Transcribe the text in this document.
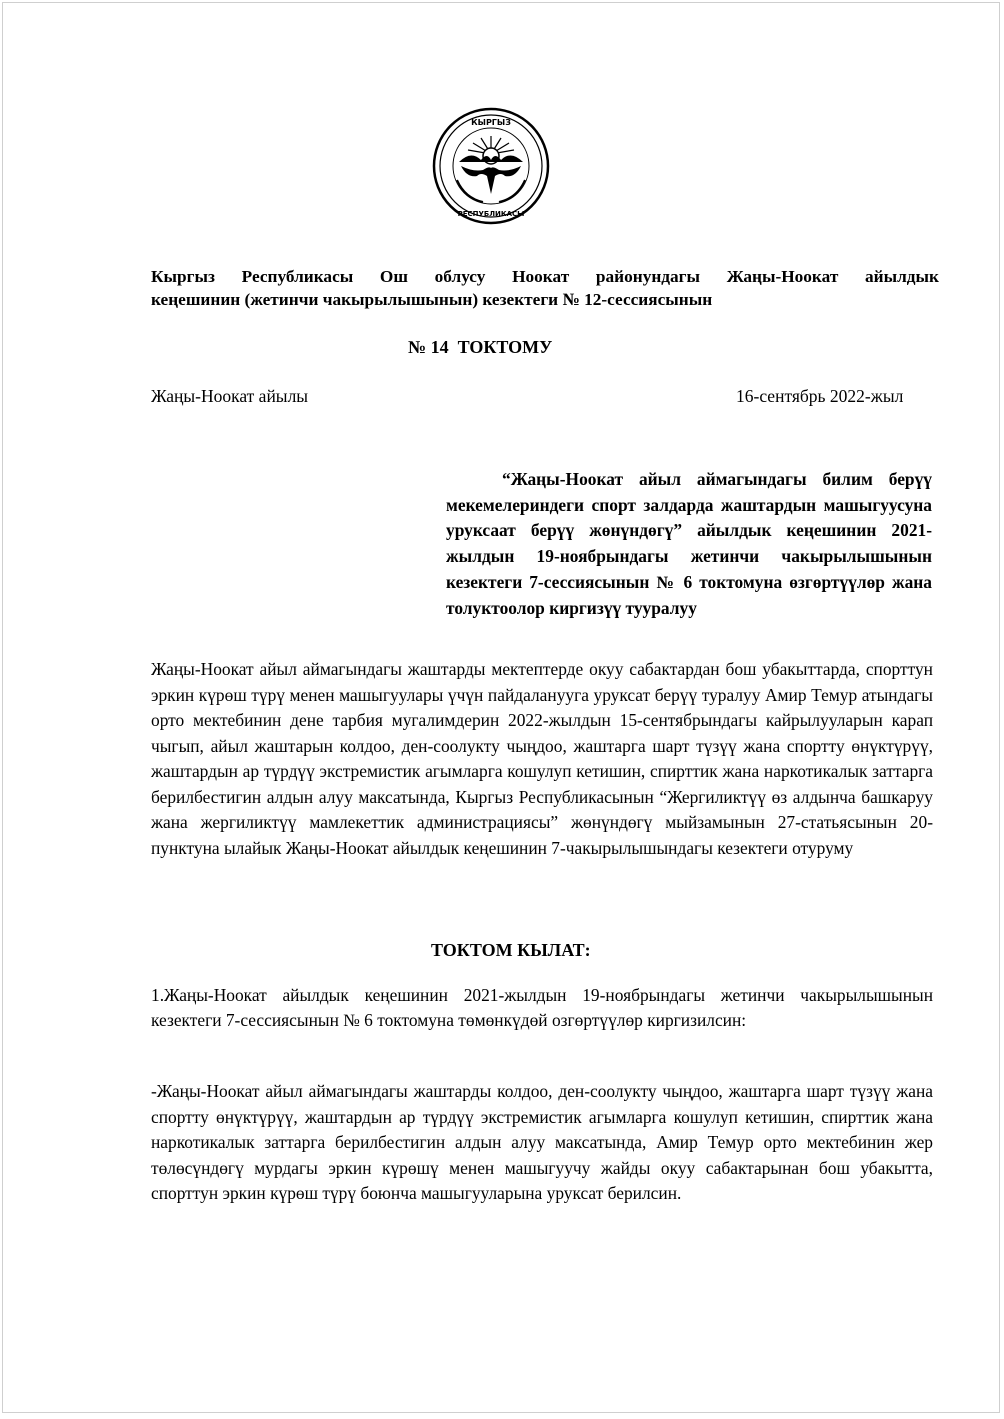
КЫРГЫЗ
РЕСПУБЛИКАСЫ
Кыргыз Республикасы Ош облусу Ноокат районундагы Жаңы-Ноокат айылдык
кеңешинин (жетинчи чакырылышынын) кезектеги № 12-сессиясынын
№ 14  ТОКТОМУ
Жаңы-Ноокат айылы	16-сентябрь 2022-жыл
“Жаңы-Ноокат айыл аймагындагы билим берүү мекемелериндеги спорт залдарда жаштардын машыгуусуна уруксаат берүү жөнүндөгү” айылдык кеңешинин 2021-жылдын 19-ноябрындагы жетинчи чакырылышынын кезектеги 7-сессиясынын № 6 токтомуна өзгөртүүлөр жана толуктоолор киргизүү тууралуу
Жаңы-Ноокат айыл аймагындагы жаштарды мектептерде окуу сабактардан бош убакыттарда, спорттун эркин күрөш түрү менен машыгуулары үчүн пайдаланууга уруксат берүү туралуу Амир Темур атындагы орто мектебинин дене тарбия мугалимдерин 2022-жылдын 15-сентябрындагы кайрылууларын карап чыгып, айыл жаштарын колдоо, ден-соолукту чыңдоо, жаштарга шарт түзүү жана спортту өнүктүрүү, жаштардын ар түрдүү экстремистик агымларга кошулуп кетишин, спирттик жана наркотикалык заттарга берилбестигин алдын алуу максатында, Кыргыз Республикасынын “Жергиликтүү өз алдынча башкаруу жана жергиликтүү мамлекеттик администрациясы” жөнүндөгү мыйзамынын 27-статьясынын 20-пунктуна ылайык Жаңы-Ноокат айылдык кеңешинин 7-чакырылышындагы кезектеги отуруму
ТОКТОМ КЫЛАТ:
1.Жаңы-Ноокат айылдык кеңешинин 2021-жылдын 19-ноябрындагы жетинчи чакырылышынын кезектеги 7-сессиясынын № 6 токтомуна төмөнкүдөй озгөртүүлөр киргизилсин:
-Жаңы-Ноокат айыл аймагындагы жаштарды колдоо, ден-соолукту чыңдоо, жаштарга шарт түзүү жана спортту өнүктүрүү, жаштардын ар түрдүү экстремистик агымларга кошулуп кетишин, спирттик жана наркотикалык заттарга берилбестигин алдын алуу максатында, Амир Темур орто мектебинин жер төлөсүндөгү мурдагы эркин күрөшү менен машыгуучу жайды окуу сабактарынан бош убакытта, спорттун эркин күрөш түрү боюнча машыгууларына уруксат берилсин.
